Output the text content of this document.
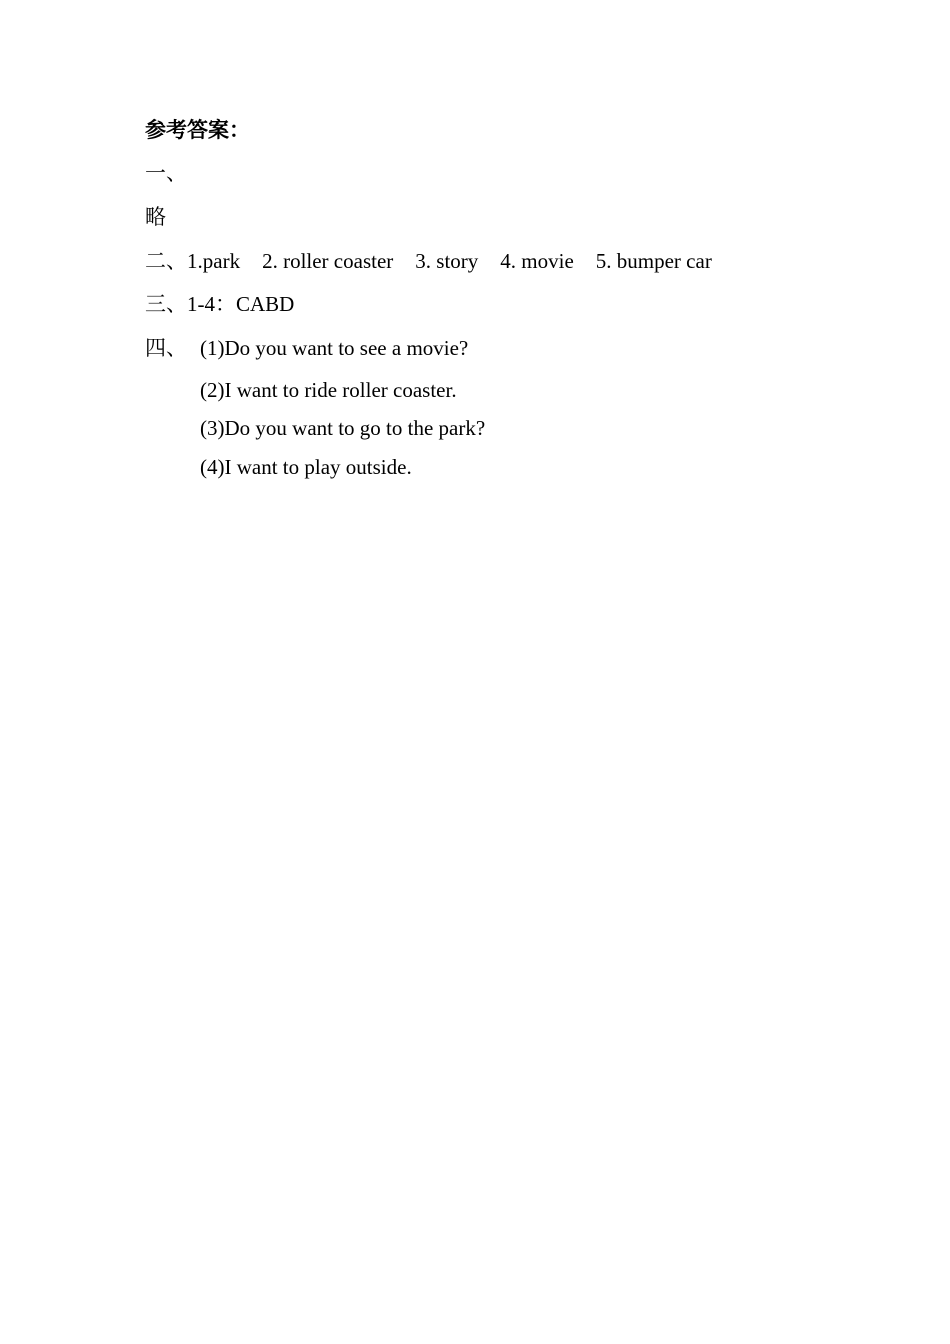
参考答案：
一、
略
二、1.park 2. roller coaster 3. story 4. movie 5. bumper car
三、1-4：CABD
四、 (1)Do you want to see a movie?
(2)I want to ride roller coaster.
(3)Do you want to go to the park?
(4)I want to play outside.
